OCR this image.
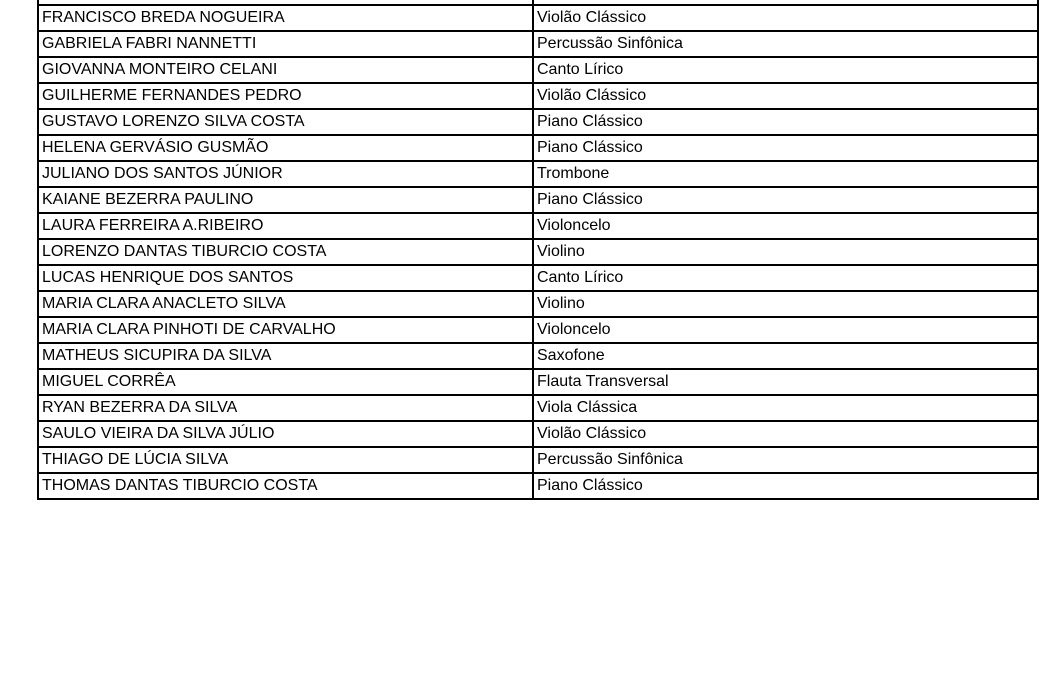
FRANCISCO BREDA NOGUEIRA	Violão Clássico
GABRIELA FABRI NANNETTI	Percussão Sinfônica
GIOVANNA MONTEIRO CELANI	Canto Lírico
GUILHERME FERNANDES PEDRO	Violão Clássico
GUSTAVO LORENZO SILVA COSTA	Piano Clássico
HELENA GERVÁSIO GUSMÃO	Piano Clássico
JULIANO DOS SANTOS JÚNIOR	Trombone
KAIANE BEZERRA PAULINO	Piano Clássico
LAURA FERREIRA A.RIBEIRO	Violoncelo
LORENZO DANTAS TIBURCIO COSTA	Violino
LUCAS HENRIQUE DOS SANTOS	Canto Lírico
MARIA CLARA ANACLETO SILVA	Violino
MARIA CLARA PINHOTI DE CARVALHO	Violoncelo
MATHEUS SICUPIRA DA SILVA	Saxofone
MIGUEL CORRÊA	Flauta Transversal
RYAN BEZERRA DA SILVA	Viola Clássica
SAULO VIEIRA DA SILVA JÚLIO	Violão Clássico
THIAGO DE LÚCIA SILVA	Percussão Sinfônica
THOMAS DANTAS TIBURCIO COSTA	Piano Clássico
